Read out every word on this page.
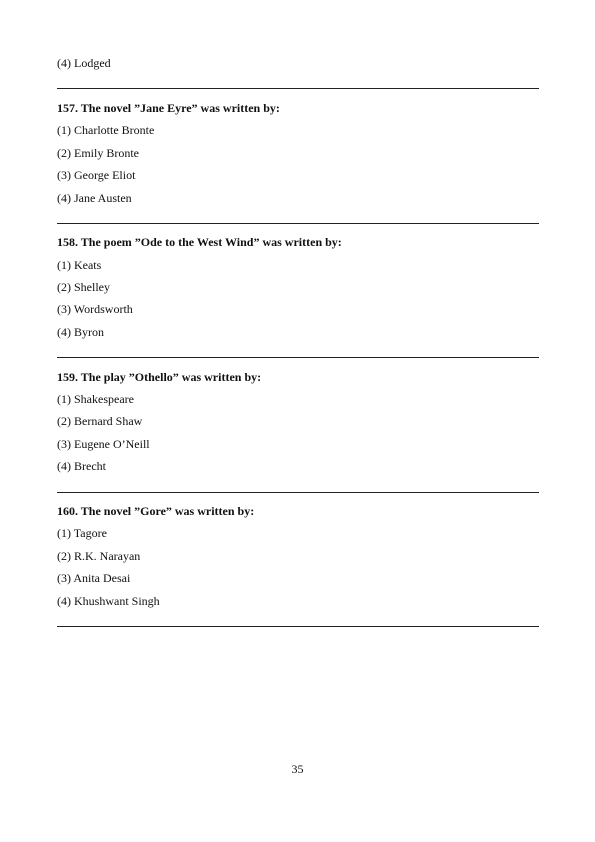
(4) Lodged
157. The novel ”Jane Eyre” was written by:
(1) Charlotte Bronte
(2) Emily Bronte
(3) George Eliot
(4) Jane Austen
158. The poem ”Ode to the West Wind” was written by:
(1) Keats
(2) Shelley
(3) Wordsworth
(4) Byron
159. The play ”Othello” was written by:
(1) Shakespeare
(2) Bernard Shaw
(3) Eugene O’Neill
(4) Brecht
160. The novel ”Gore” was written by:
(1) Tagore
(2) R.K. Narayan
(3) Anita Desai
(4) Khushwant Singh
35
